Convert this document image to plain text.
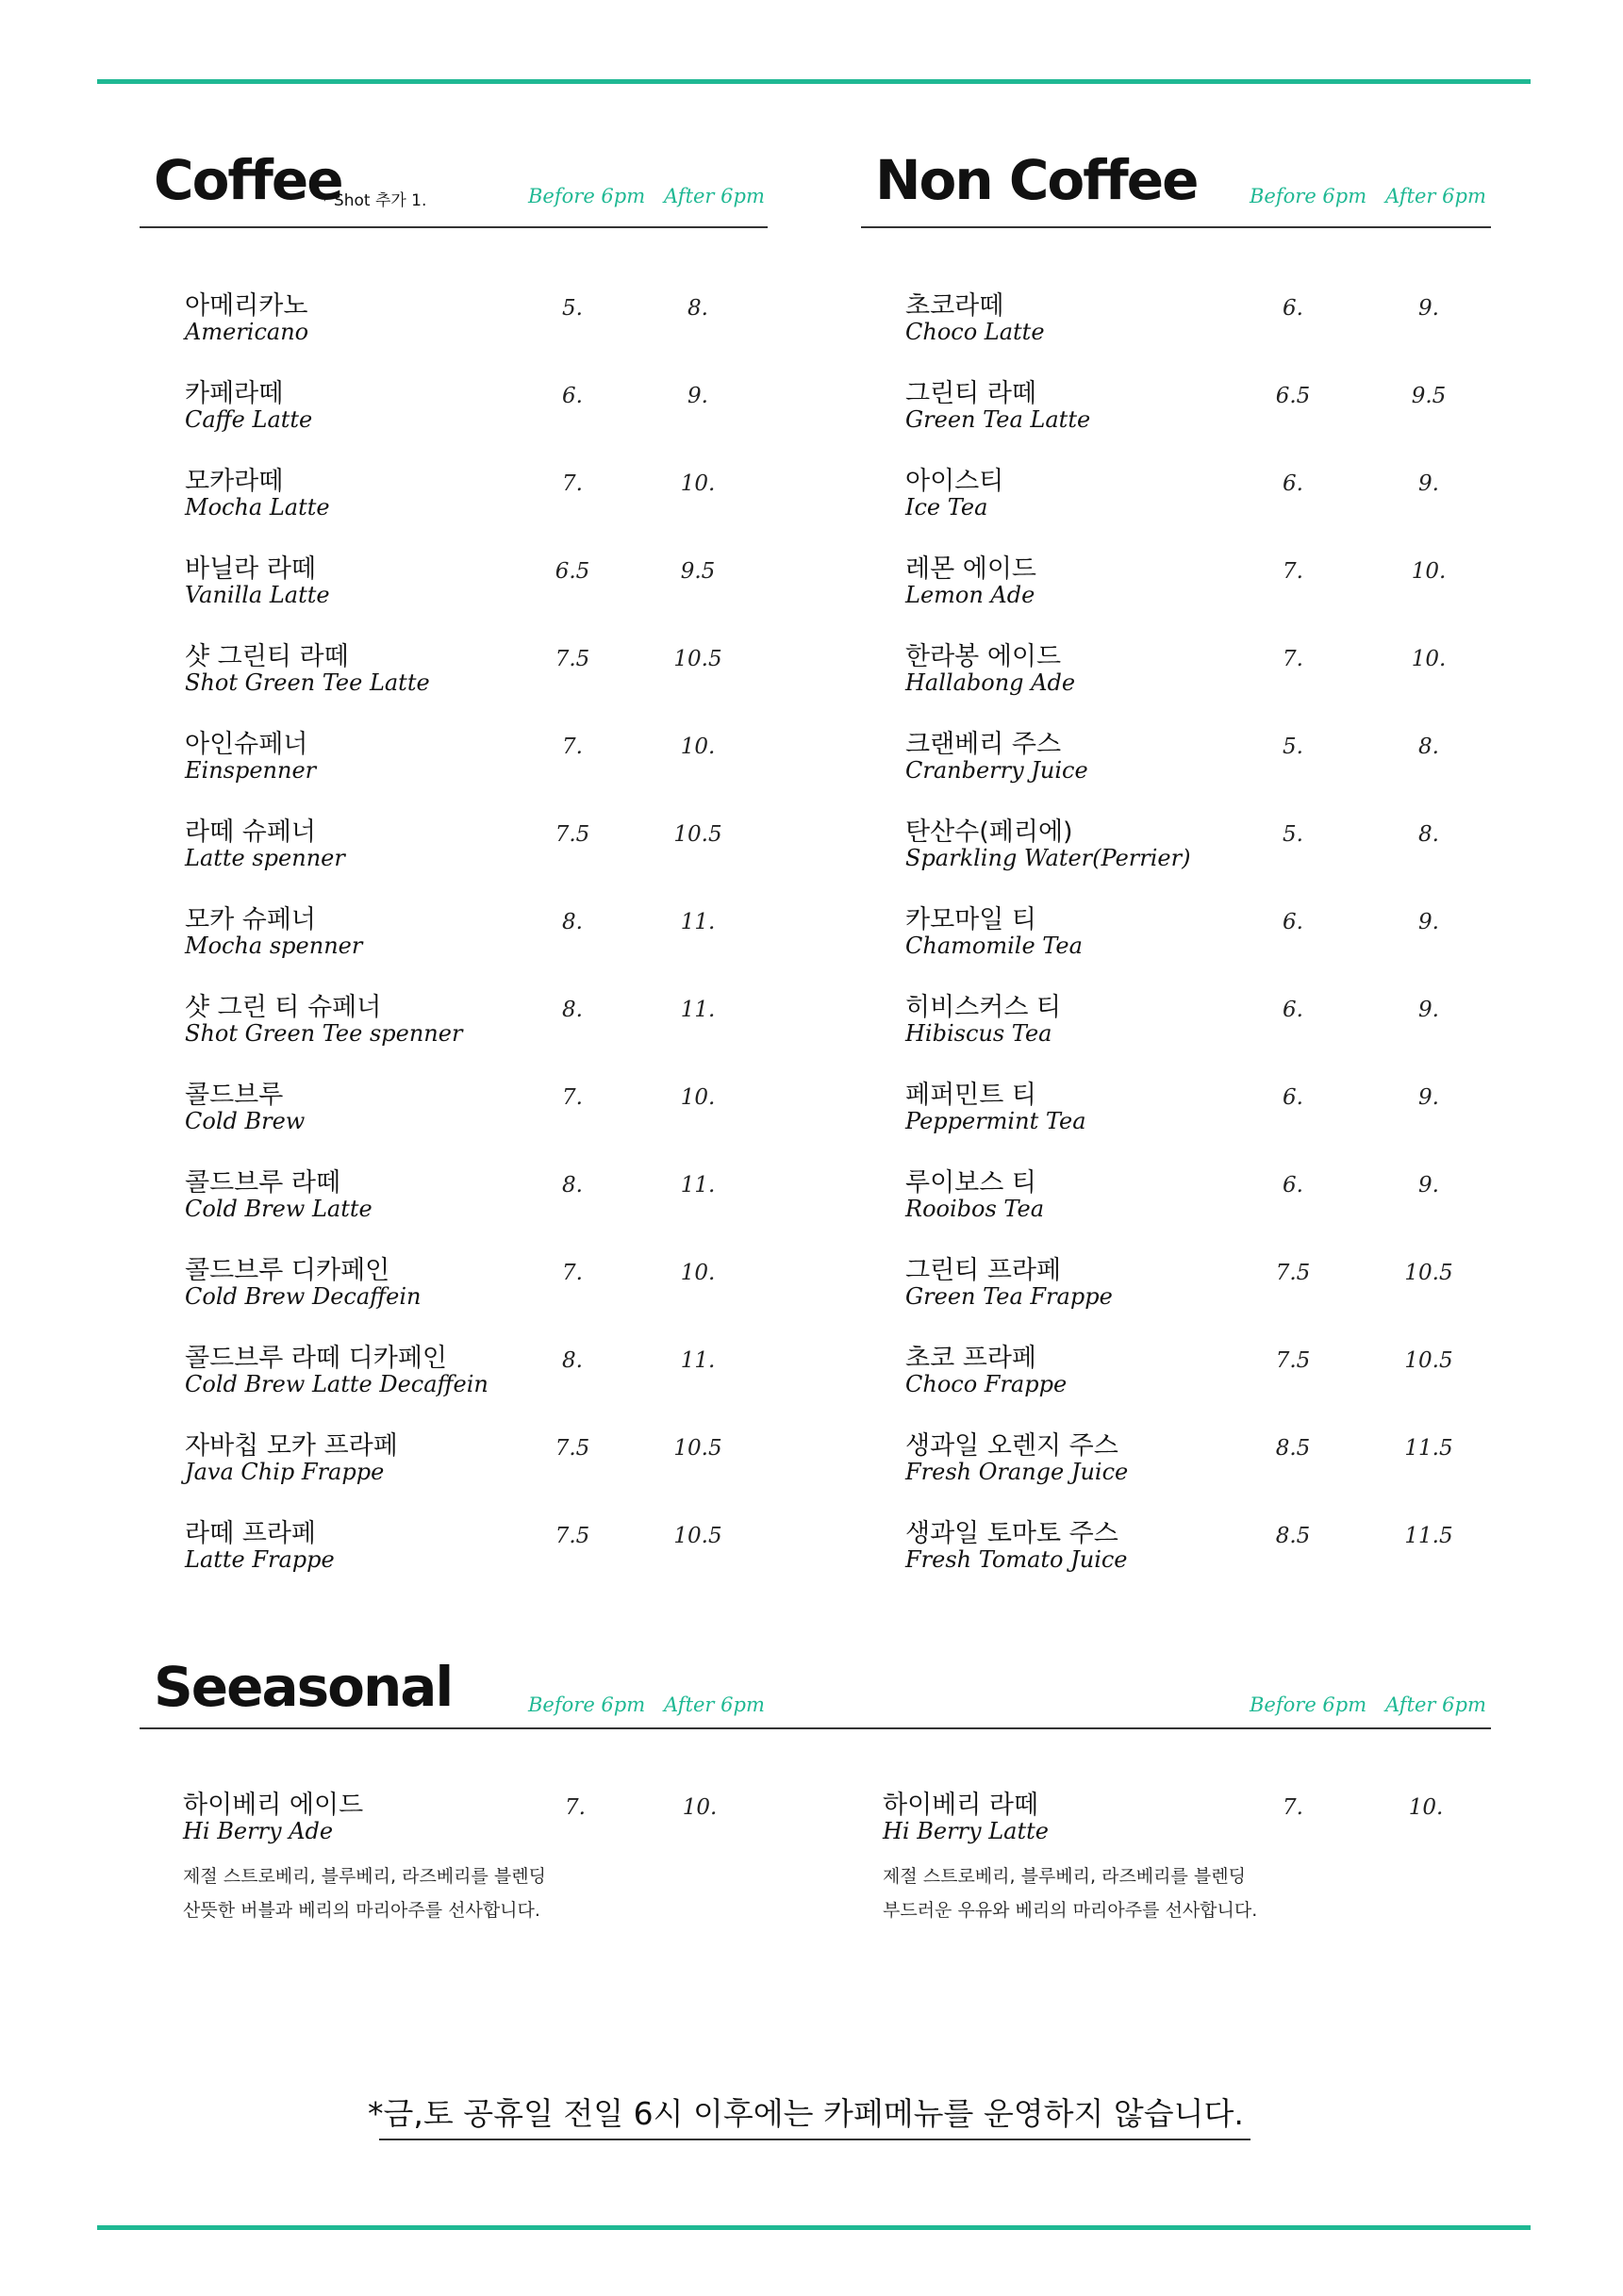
Coffee
* Shot 추가 1.	Before 6pm After 6pm Non Coffee	Before 6pm After 6pm
아메리카노
Americano
5.	8.
카페라떼
Caffe Latte
6.	9.
모카라떼
Mocha Latte
7.	10.
바닐라 라떼
Vanilla Latte
6.5	9.5
샷 그린티 라떼
Shot Green Tee Latte
7.5	10.5
아인슈페너
Einspenner
7.	10.
라떼 슈페너
Latte spenner
7.5	10.5
모카 슈페너
Mocha spenner
8.	11.
샷 그린 티 슈페너
Shot Green Tee spenner
8.	11.
콜드브루
Cold Brew
7.	10.
콜드브루 라떼
Cold Brew Latte
8.	11.
콜드브루 디카페인
Cold Brew Decaffein
7.	10.
콜드브루 라떼 디카페인
Cold Brew Latte Decaffein
8.	11.
자바칩 모카 프라페
Java Chip Frappe
7.5	10.5
라떼 프라페
Latte Frappe
7.5	10.5
초코라떼
Choco Latte
6.	9.
그린티 라떼
Green Tea Latte
6.5	9.5
아이스티
Ice Tea
6.	9.
레몬 에이드
Lemon Ade
7.	10.
한라봉 에이드
Hallabong Ade
7.	10.
크랜베리 주스
Cranberry Juice
5.	8.
탄산수(페리에)
Sparkling Water(Perrier)
5.	8.
카모마일 티
Chamomile Tea
6.	9.
히비스커스 티
Hibiscus Tea
6.	9.
페퍼민트 티
Peppermint Tea
6.	9.
루이보스 티
Rooibos Tea
6.	9.
그린티 프라페
Green Tea Frappe
7.5	10.5
초코 프라페
Choco Frappe
7.5	10.5
생과일 오렌지 주스
Fresh Orange Juice
8.5	11.5
생과일 토마토 주스
Fresh Tomato Juice
8.5	11.5
Seeasonal	Before 6pm After 6pm	Before 6pm After 6pm
하이베리 에이드
Hi Berry Ade
7.	10.
제절 스트로베리, 블루베리, 라즈베리를 블렌딩
산뜻한 버블과 베리의 마리아주를 선사합니다.
하이베리 라떼
Hi Berry Latte
7.	10.
제절 스트로베리, 블루베리, 라즈베리를 블렌딩
부드러운 우유와 베리의 마리아주를 선사합니다.
*금,토 공휴일 전일 6시 이후에는 카페메뉴를 운영하지 않습니다.
